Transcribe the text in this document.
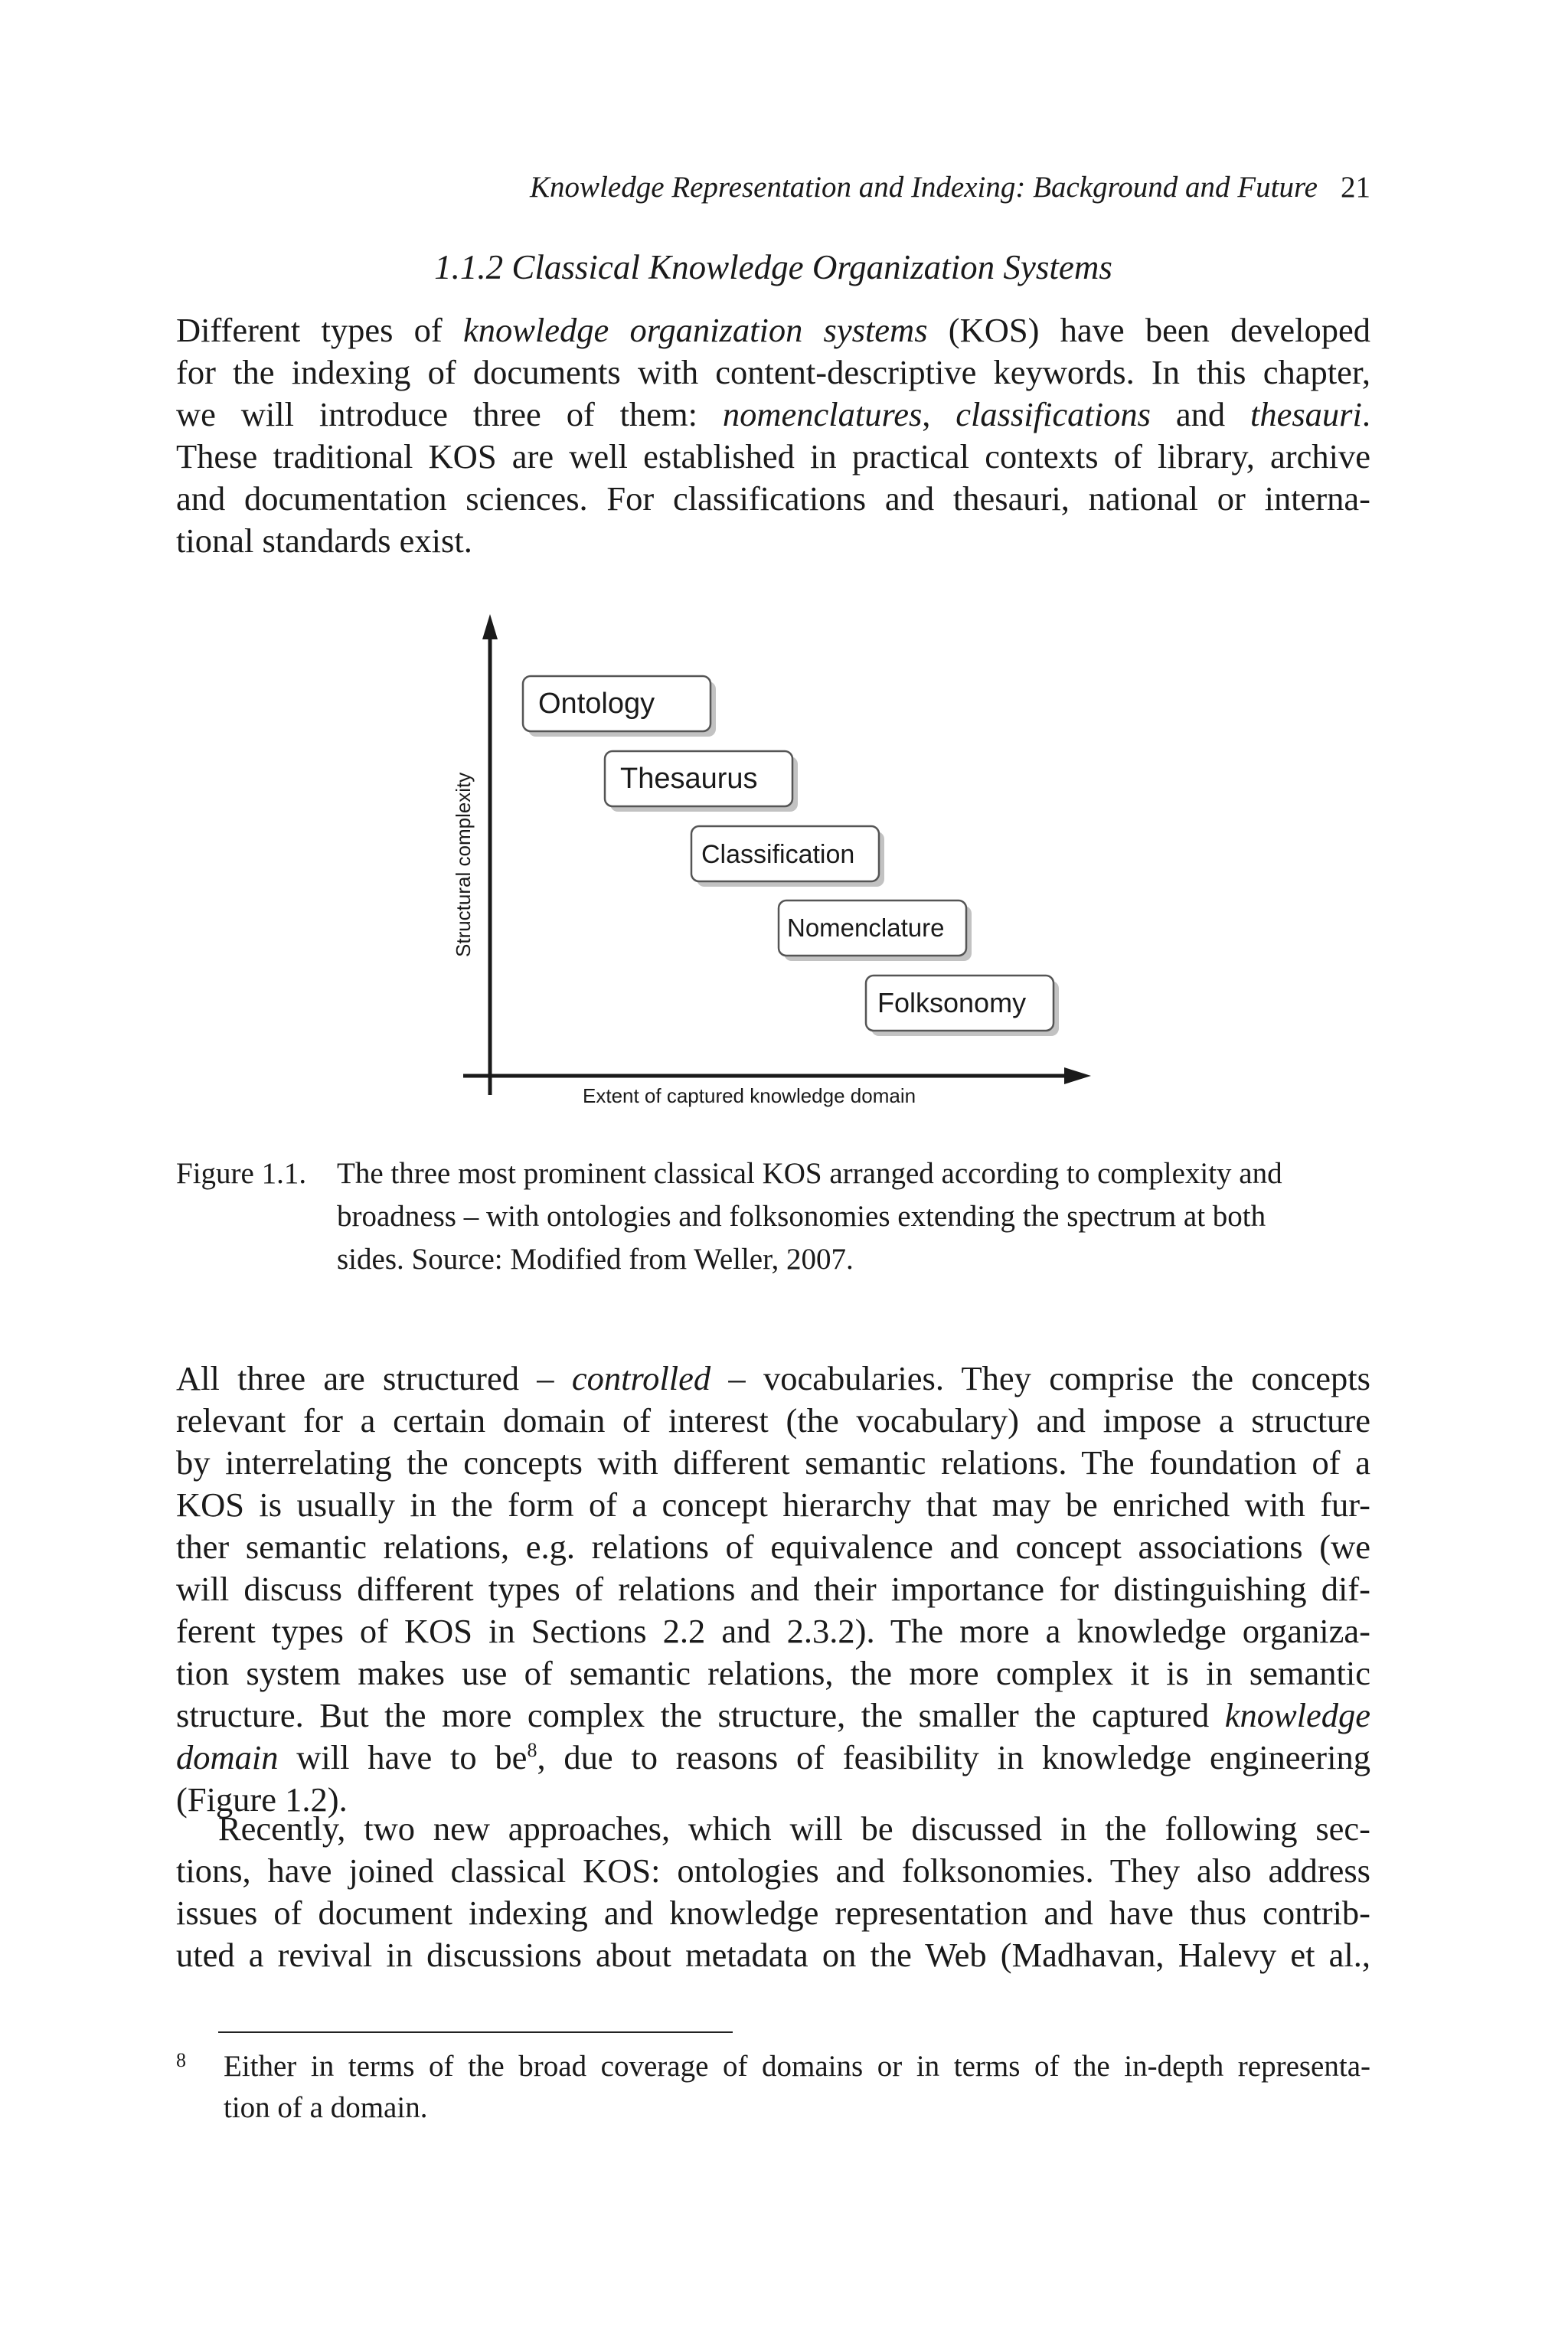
Knowledge Representation and Indexing: Background and Future 21
1.1.2 Classical Knowledge Organization Systems
Different types of knowledge organization systems (KOS) have been developed
for the indexing of documents with content-descriptive keywords. In this chapter,
we will introduce three of them: nomenclatures, classifications and thesauri.
These traditional KOS are well established in practical contexts of library, archive
and documentation sciences. For classifications and thesauri, national or interna-
tional standards exist.
Structural complexity
Extent of captured knowledge domain
Ontology
Thesaurus
Classification
Nomenclature
Folksonomy
Figure 1.1. The three most prominent classical KOS arranged according to complexity and
broadness – with ontologies and folksonomies extending the spectrum at both
sides. Source: Modified from Weller, 2007.
All three are structured – controlled – vocabularies. They comprise the concepts
relevant for a certain domain of interest (the vocabulary) and impose a structure
by interrelating the concepts with different semantic relations. The foundation of a
KOS is usually in the form of a concept hierarchy that may be enriched with fur-
ther semantic relations, e.g. relations of equivalence and concept associations (we
will discuss different types of relations and their importance for distinguishing dif-
ferent types of KOS in Sections 2.2 and 2.3.2). The more a knowledge organiza-
tion system makes use of semantic relations, the more complex it is in semantic
structure. But the more complex the structure, the smaller the captured knowledge
domain will have to $be^8$, due to reasons of feasibility in knowledge engineering
(Figure 1.2).
Recently, two new approaches, which will be discussed in the following sec-
tions, have joined classical KOS: ontologies and folksonomies. They also address
issues of document indexing and knowledge representation and have thus contrib-
uted a revival in discussions about metadata on the Web (Madhavan, Halevy et al.,
8 Either in terms of the broad coverage of domains or in terms of the in-depth representa-
tion of a domain.
